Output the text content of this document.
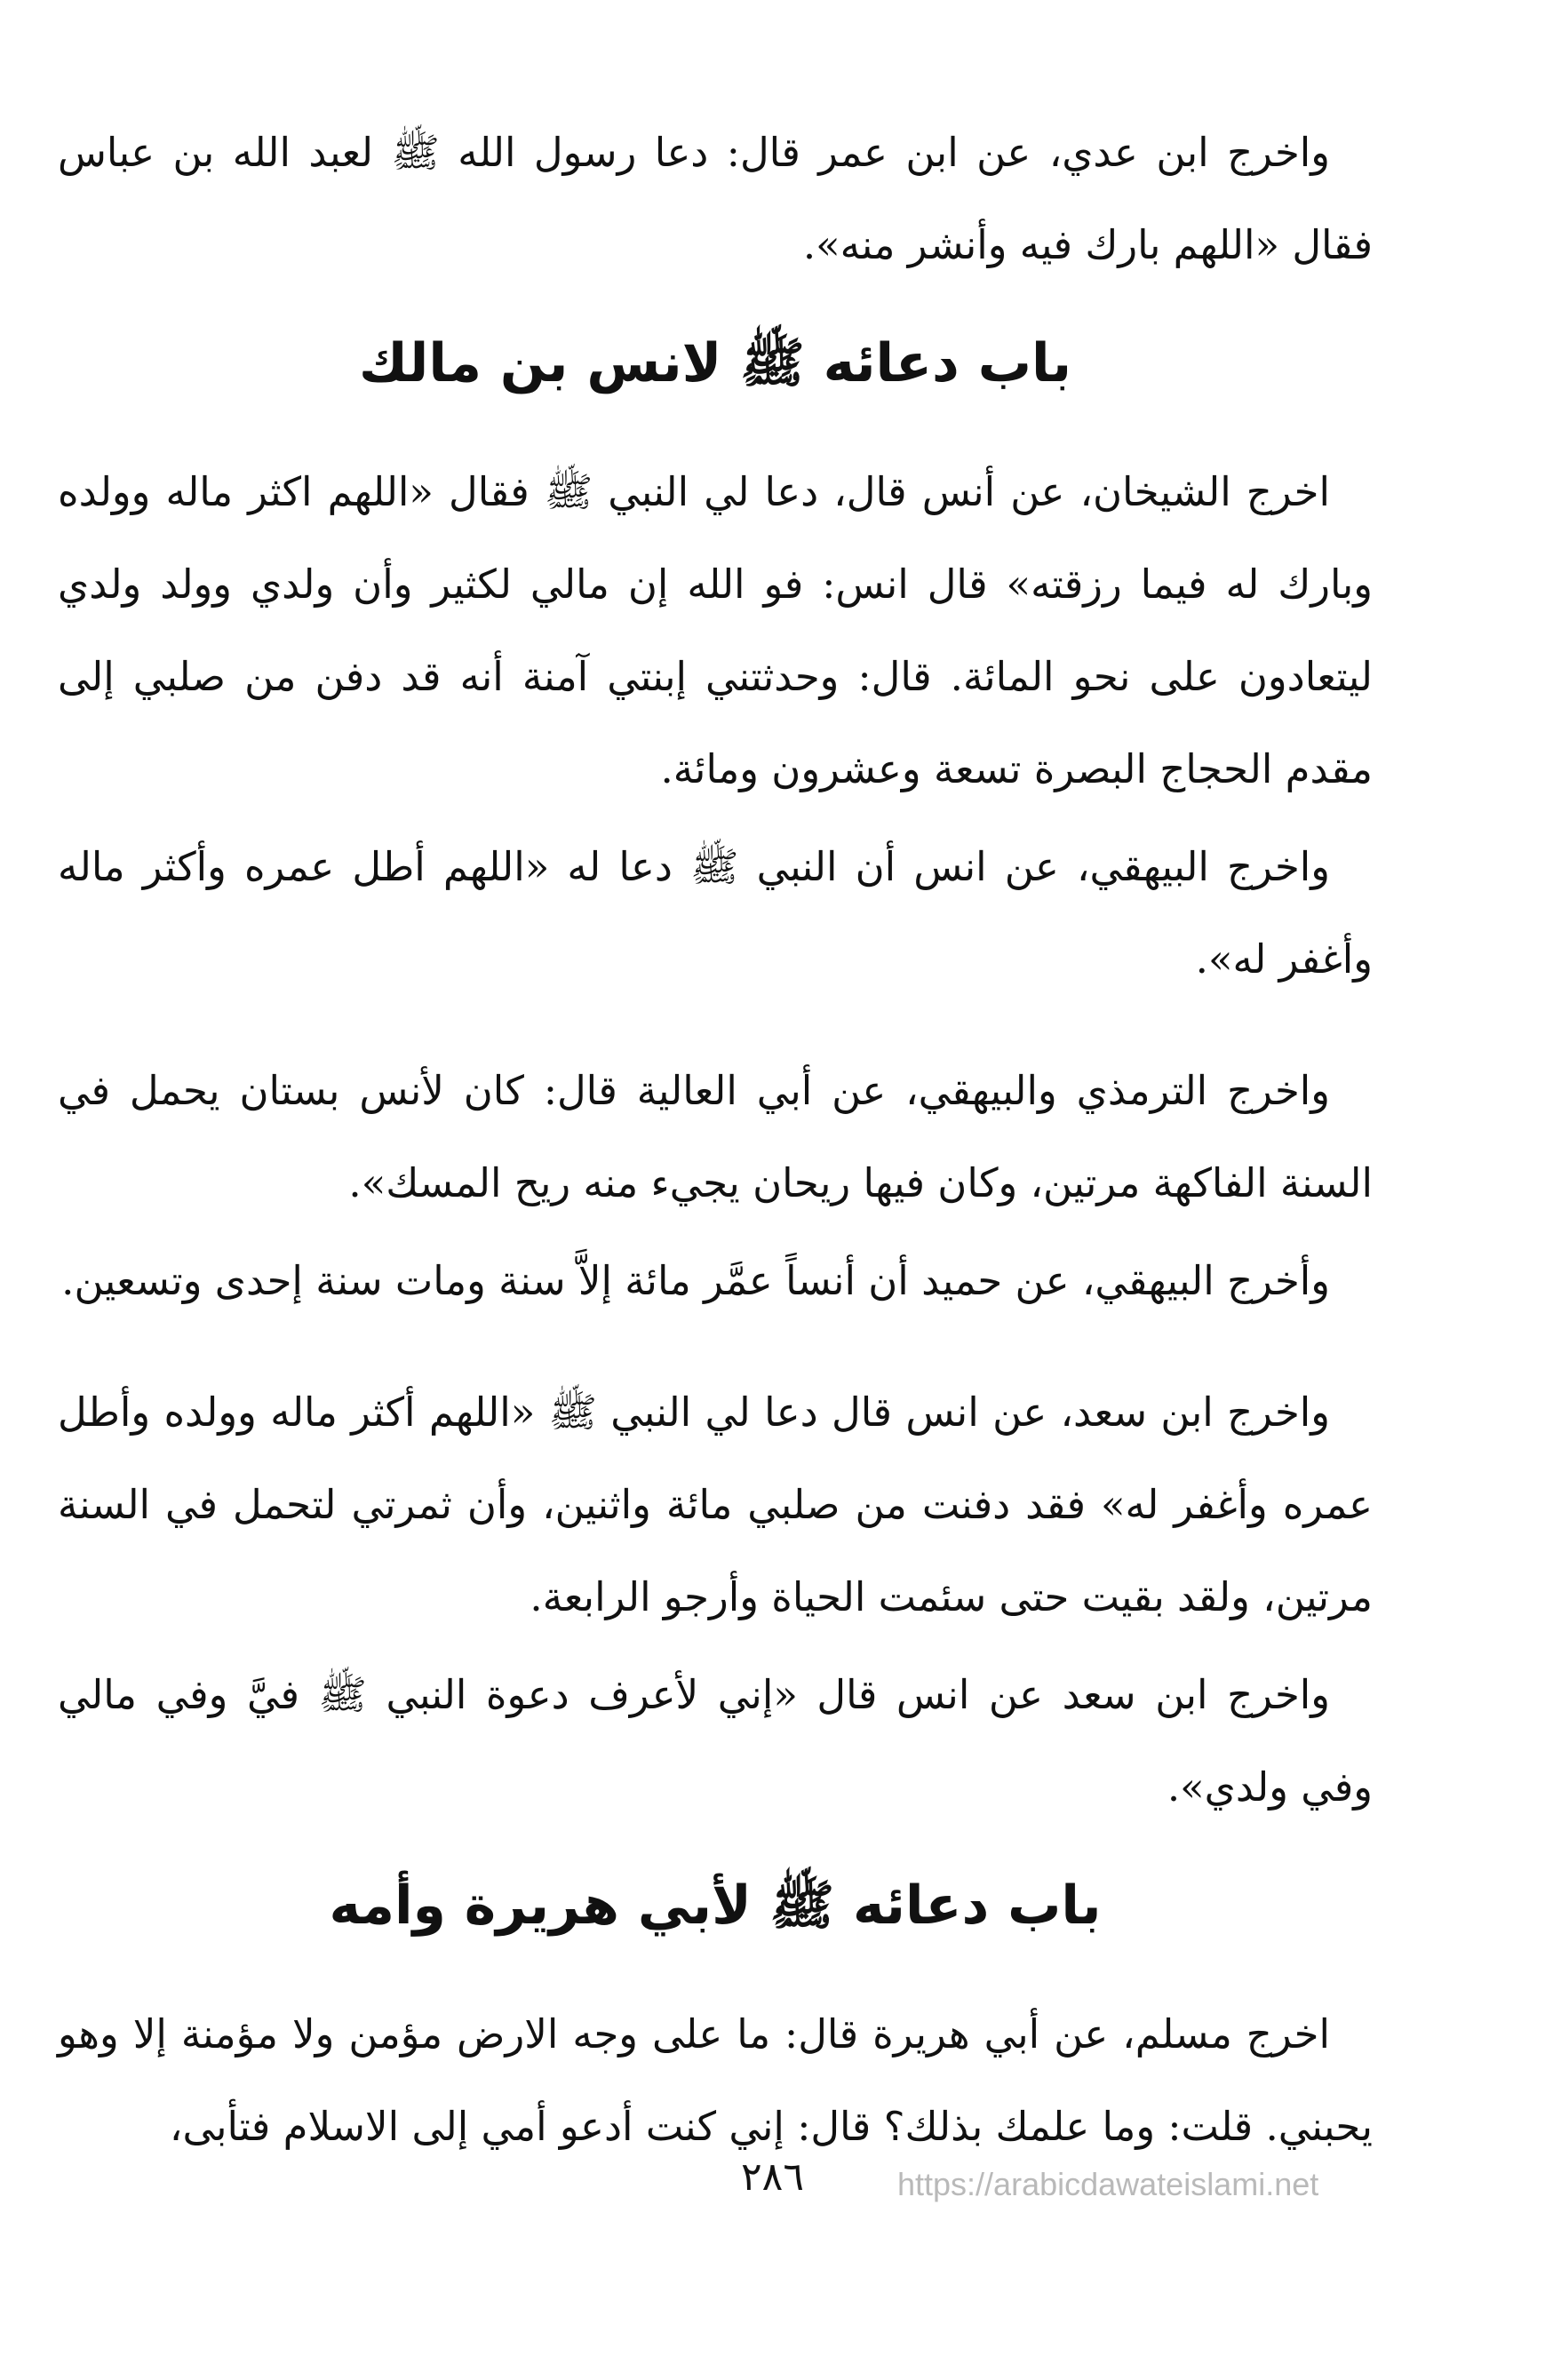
واخرج ابن عدي، عن ابن عمر قال: دعا رسول الله ﷺ لعبد الله بن عباس فقال «اللهم بارك فيه وأنشر منه».

باب دعائه ﷺ لانس بن مالك

اخرج الشيخان، عن أنس قال، دعا لي النبي ﷺ فقال «اللهم اكثر ماله وولده وبارك له فيما رزقته» قال انس: فو الله إن مالي لكثير وأن ولدي وولد ولدي ليتعادون على نحو المائة. قال: وحدثتني إبنتي آمنة أنه قد دفن من صلبي إلى مقدم الحجاج البصرة تسعة وعشرون ومائة.

واخرج البيهقي، عن انس أن النبي ﷺ دعا له «اللهم أطل عمره وأكثر ماله وأغفر له».

واخرج الترمذي والبيهقي، عن أبي العالية قال: كان لأنس بستان يحمل في السنة الفاكهة مرتين، وكان فيها ريحان يجيء منه ريح المسك».

وأخرج البيهقي، عن حميد أن أنساً عمَّر مائة إلاَّ سنة ومات سنة إحدى وتسعين.

واخرج ابن سعد، عن انس قال دعا لي النبي ﷺ «اللهم أكثر ماله وولده وأطل عمره وأغفر له» فقد دفنت من صلبي مائة واثنين، وأن ثمرتي لتحمل في السنة مرتين، ولقد بقيت حتى سئمت الحياة وأرجو الرابعة.

واخرج ابن سعد عن انس قال «إني لأعرف دعوة النبي ﷺ فيَّ وفي مالي وفي ولدي».

باب دعائه ﷺ لأبي هريرة وأمه

اخرج مسلم، عن أبي هريرة قال: ما على وجه الارض مؤمن ولا مؤمنة إلا وهو يحبني. قلت: وما علمك بذلك؟ قال: إني كنت أدعو أمي إلى الاسلام فتأبى،

٢٨٦	https://arabicdawateislami.net
